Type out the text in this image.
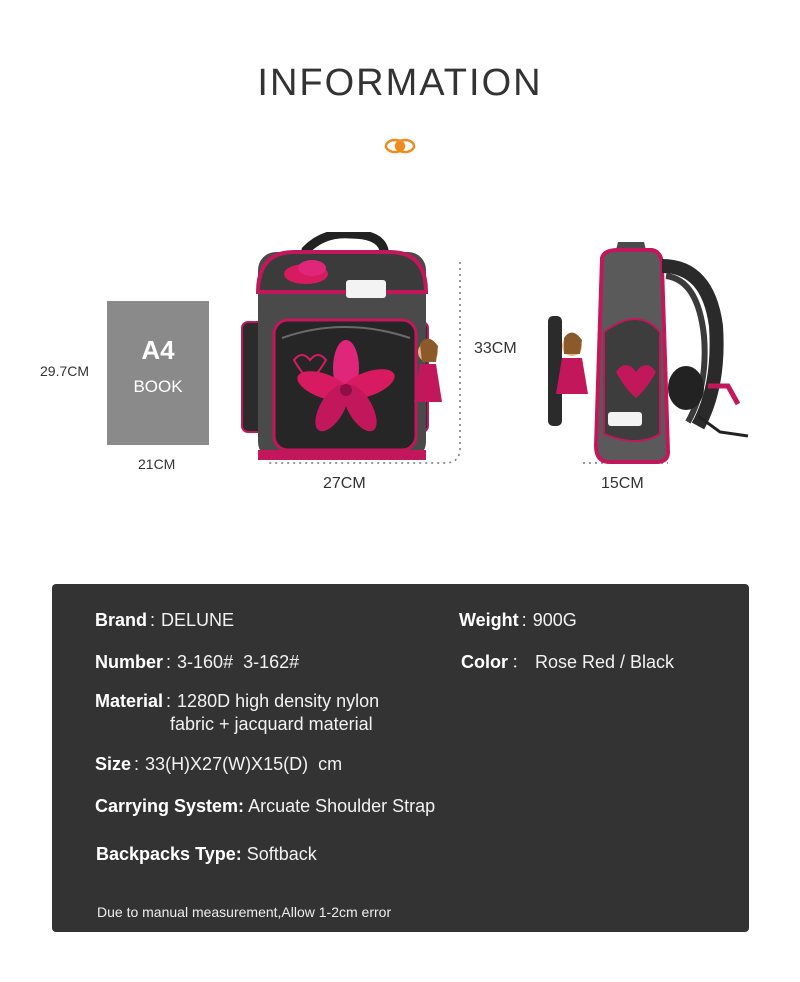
INFORMATION
A4
BOOK
29.7CM
21CM
33CM
27CM	15CM
Brand : DELUNE	Weight : 900G
Number : 3-160#  3-162#	Color ： Rose Red / Black
Material : 1280D high density nylon
fabric + jacquard material
Size : 33(H)X27(W)X15(D)  cm
Carrying System: Arcuate Shoulder Strap
Backpacks Type: Softback
Due to manual measurement,Allow 1-2cm error
